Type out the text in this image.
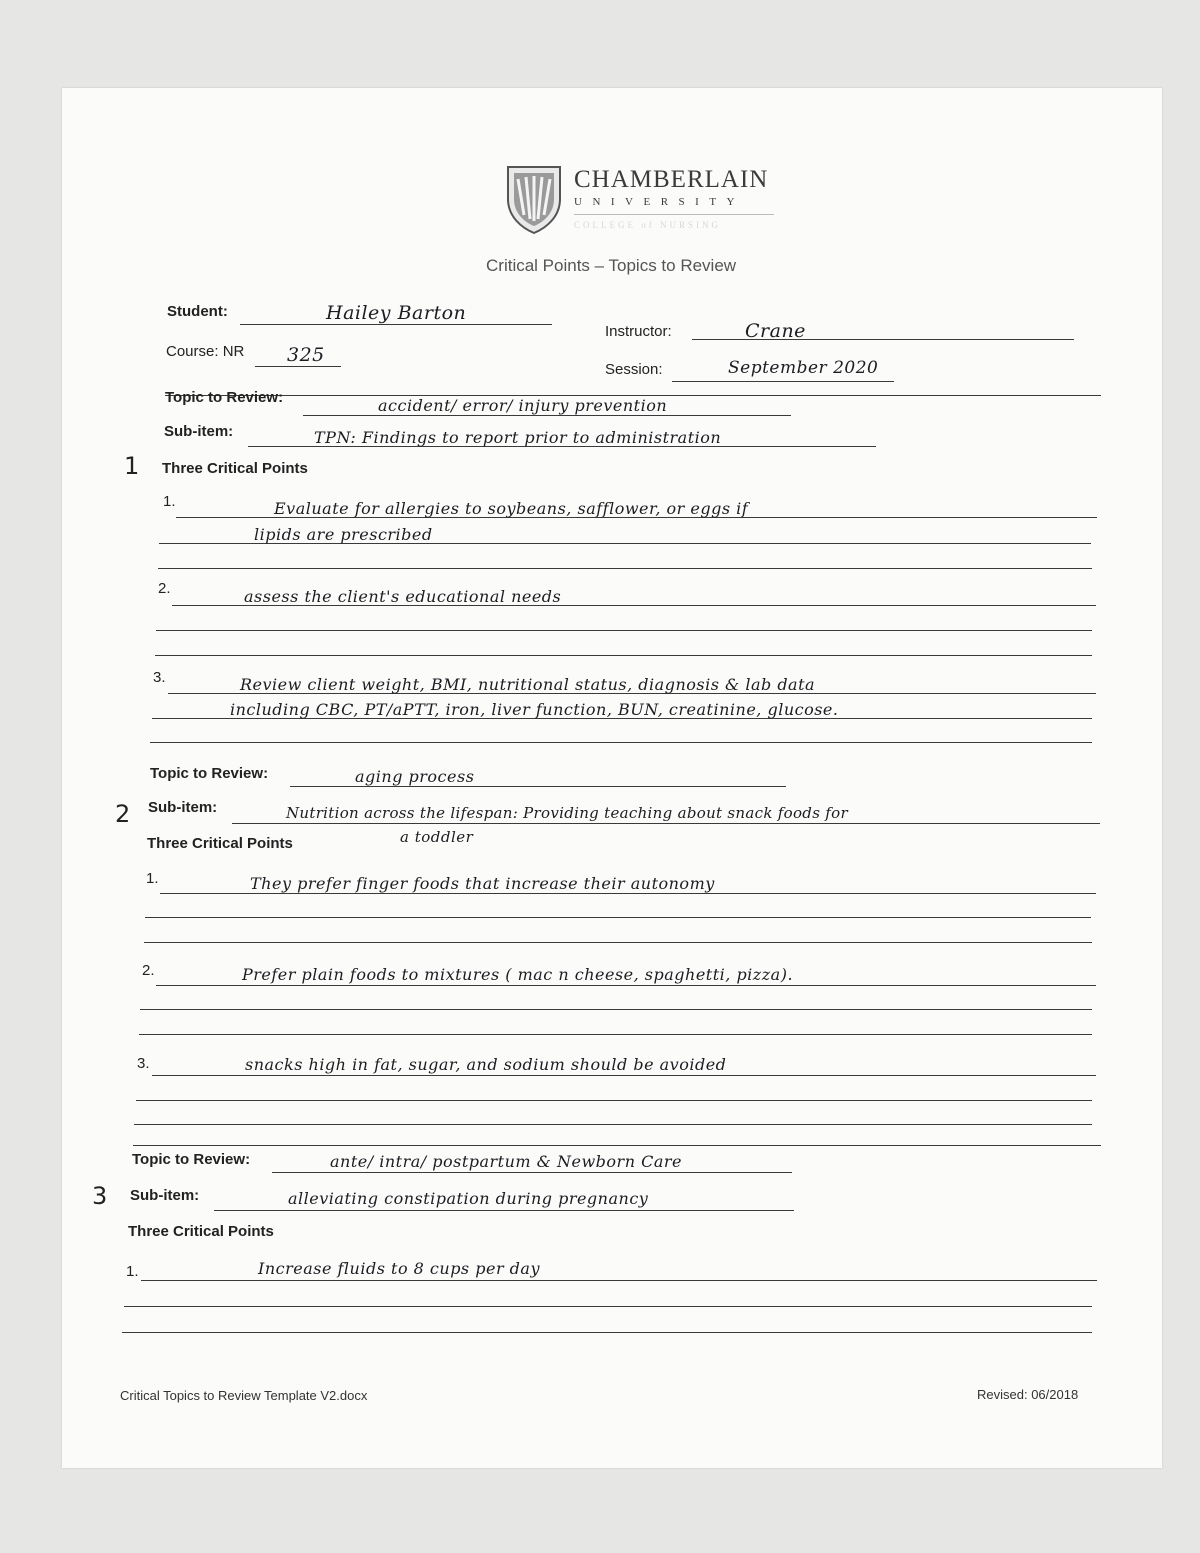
CHAMBERLAIN
UNIVERSITY
COLLEGE of NURSING
Critical Points – Topics to Review
Student:	Hailey Barton
Instructor:	Crane
Course: NR 325
Session:	September 2020
1
Topic to Review:	accident/ error/ injury prevention
Sub-item:	TPN: Findings to report prior to administration
Three Critical Points
1.	Evaluate for allergies to soybeans, safflower, or eggs if
lipids are prescribed
2.	assess the client's educational needs
3.	Review client weight, BMI, nutritional status, diagnosis & lab data
including CBC, PT/aPTT, iron, liver function, BUN, creatinine, glucose.
2
Topic to Review:	aging process
Sub-item:	Nutrition across the lifespan: Providing teaching about snack foods for
a toddler
Three Critical Points
1.	They prefer finger foods that increase their autonomy
2.	Prefer plain foods to mixtures ( mac n cheese, spaghetti, pizza).
3.	snacks high in fat, sugar, and sodium should be avoided
3
Topic to Review:	ante/ intra/ postpartum & Newborn Care
Sub-item:	alleviating constipation during pregnancy
Three Critical Points
1.	Increase fluids to 8 cups per day
Critical Topics to Review Template V2.docx	Revised: 06/2018
